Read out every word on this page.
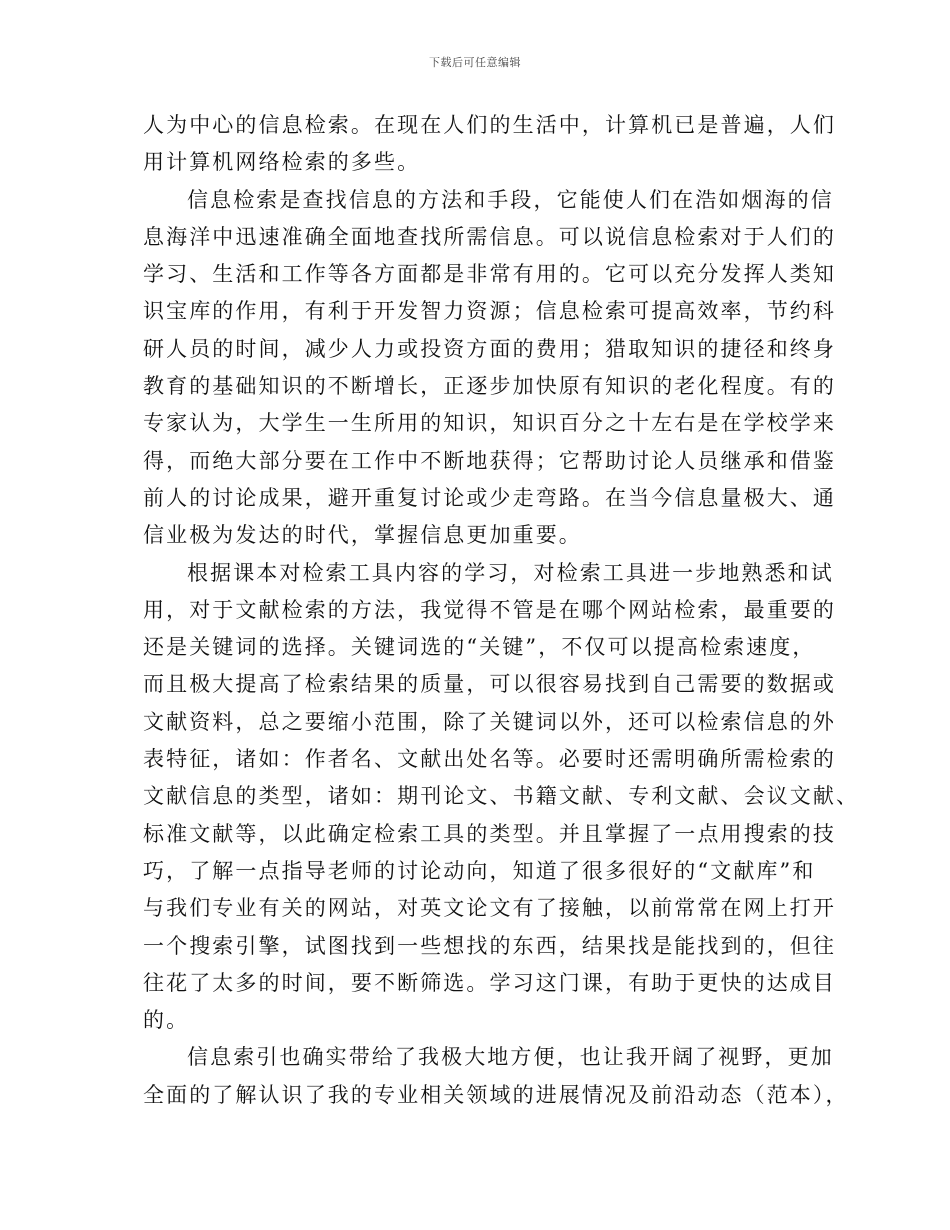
下载后可任意编辑
人为中心的信息检索。在现在人们的生活中，计算机已是普遍，人们
用计算机网络检索的多些。
信息检索是查找信息的方法和手段，它能使人们在浩如烟海的信
息海洋中迅速准确全面地查找所需信息。可以说信息检索对于人们的
学习、生活和工作等各方面都是非常有用的。它可以充分发挥人类知
识宝库的作用，有利于开发智力资源；信息检索可提高效率，节约科
研人员的时间，减少人力或投资方面的费用；猎取知识的捷径和终身
教育的基础知识的不断增长，正逐步加快原有知识的老化程度。有的
专家认为，大学生一生所用的知识，知识百分之十左右是在学校学来
得，而绝大部分要在工作中不断地获得；它帮助讨论人员继承和借鉴
前人的讨论成果，避开重复讨论或少走弯路。在当今信息量极大、通
信业极为发达的时代，掌握信息更加重要。
根据课本对检索工具内容的学习，对检索工具进一步地熟悉和试
用，对于文献检索的方法，我觉得不管是在哪个网站检索，最重要的
还是关键词的选择。关键词选的“关键”，不仅可以提高检索速度，
而且极大提高了检索结果的质量，可以很容易找到自己需要的数据或
文献资料，总之要缩小范围，除了关键词以外，还可以检索信息的外
表特征，诸如：作者名、文献出处名等。必要时还需明确所需检索的
文献信息的类型，诸如：期刊论文、书籍文献、专利文献、会议文献、
标准文献等，以此确定检索工具的类型。并且掌握了一点用搜索的技
巧，了解一点指导老师的讨论动向，知道了很多很好的“文献库”和
与我们专业有关的网站，对英文论文有了接触，以前常常在网上打开
一个搜索引擎，试图找到一些想找的东西，结果找是能找到的，但往
往花了太多的时间，要不断筛选。学习这门课，有助于更快的达成目
的。
信息索引也确实带给了我极大地方便，也让我开阔了视野，更加
全面的了解认识了我的专业相关领域的进展情况及前沿动态（范本），
